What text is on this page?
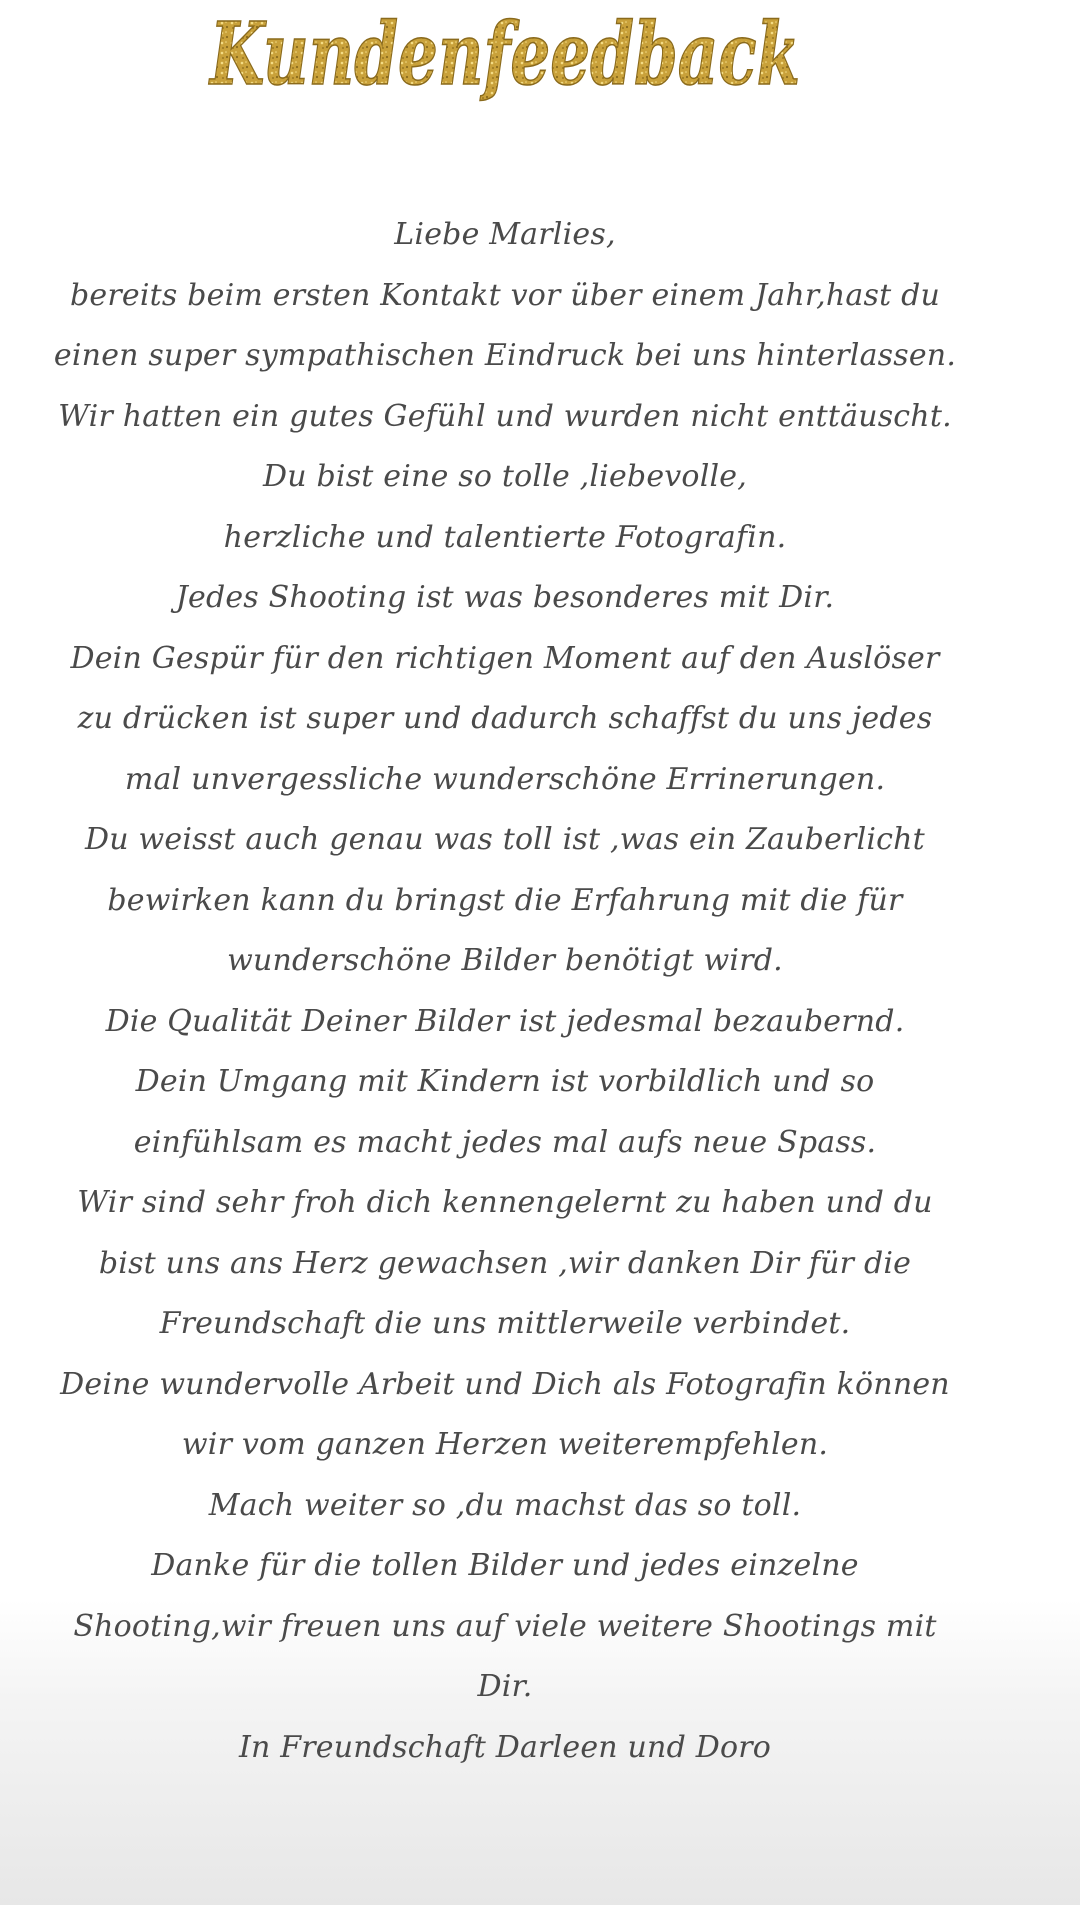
Kundenfeedback
Liebe Marlies,
bereits beim ersten Kontakt vor über einem Jahr,hast du
einen super sympathischen Eindruck bei uns hinterlassen.
Wir hatten ein gutes Gefühl und wurden nicht enttäuscht.
Du bist eine so tolle ,liebevolle,
herzliche und talentierte Fotografin.
Jedes Shooting ist was besonderes mit Dir.
Dein Gespür für den richtigen Moment auf den Auslöser
zu drücken ist super und dadurch schaffst du uns jedes
mal unvergessliche wunderschöne Errinerungen.
Du weisst auch genau was toll ist ,was ein Zauberlicht
bewirken kann du bringst die Erfahrung mit die für
wunderschöne Bilder benötigt wird.
Die Qualität Deiner Bilder ist jedesmal bezaubernd.
Dein Umgang mit Kindern ist vorbildlich und so
einfühlsam es macht jedes mal aufs neue Spass.
Wir sind sehr froh dich kennengelernt zu haben und du
bist uns ans Herz gewachsen ,wir danken Dir für die
Freundschaft die uns mittlerweile verbindet.
Deine wundervolle Arbeit und Dich als Fotografin können
wir vom ganzen Herzen weiterempfehlen.
Mach weiter so ,du machst das so toll.
Danke für die tollen Bilder und jedes einzelne
Shooting,wir freuen uns auf viele weitere Shootings mit
Dir.
In Freundschaft Darleen und Doro
